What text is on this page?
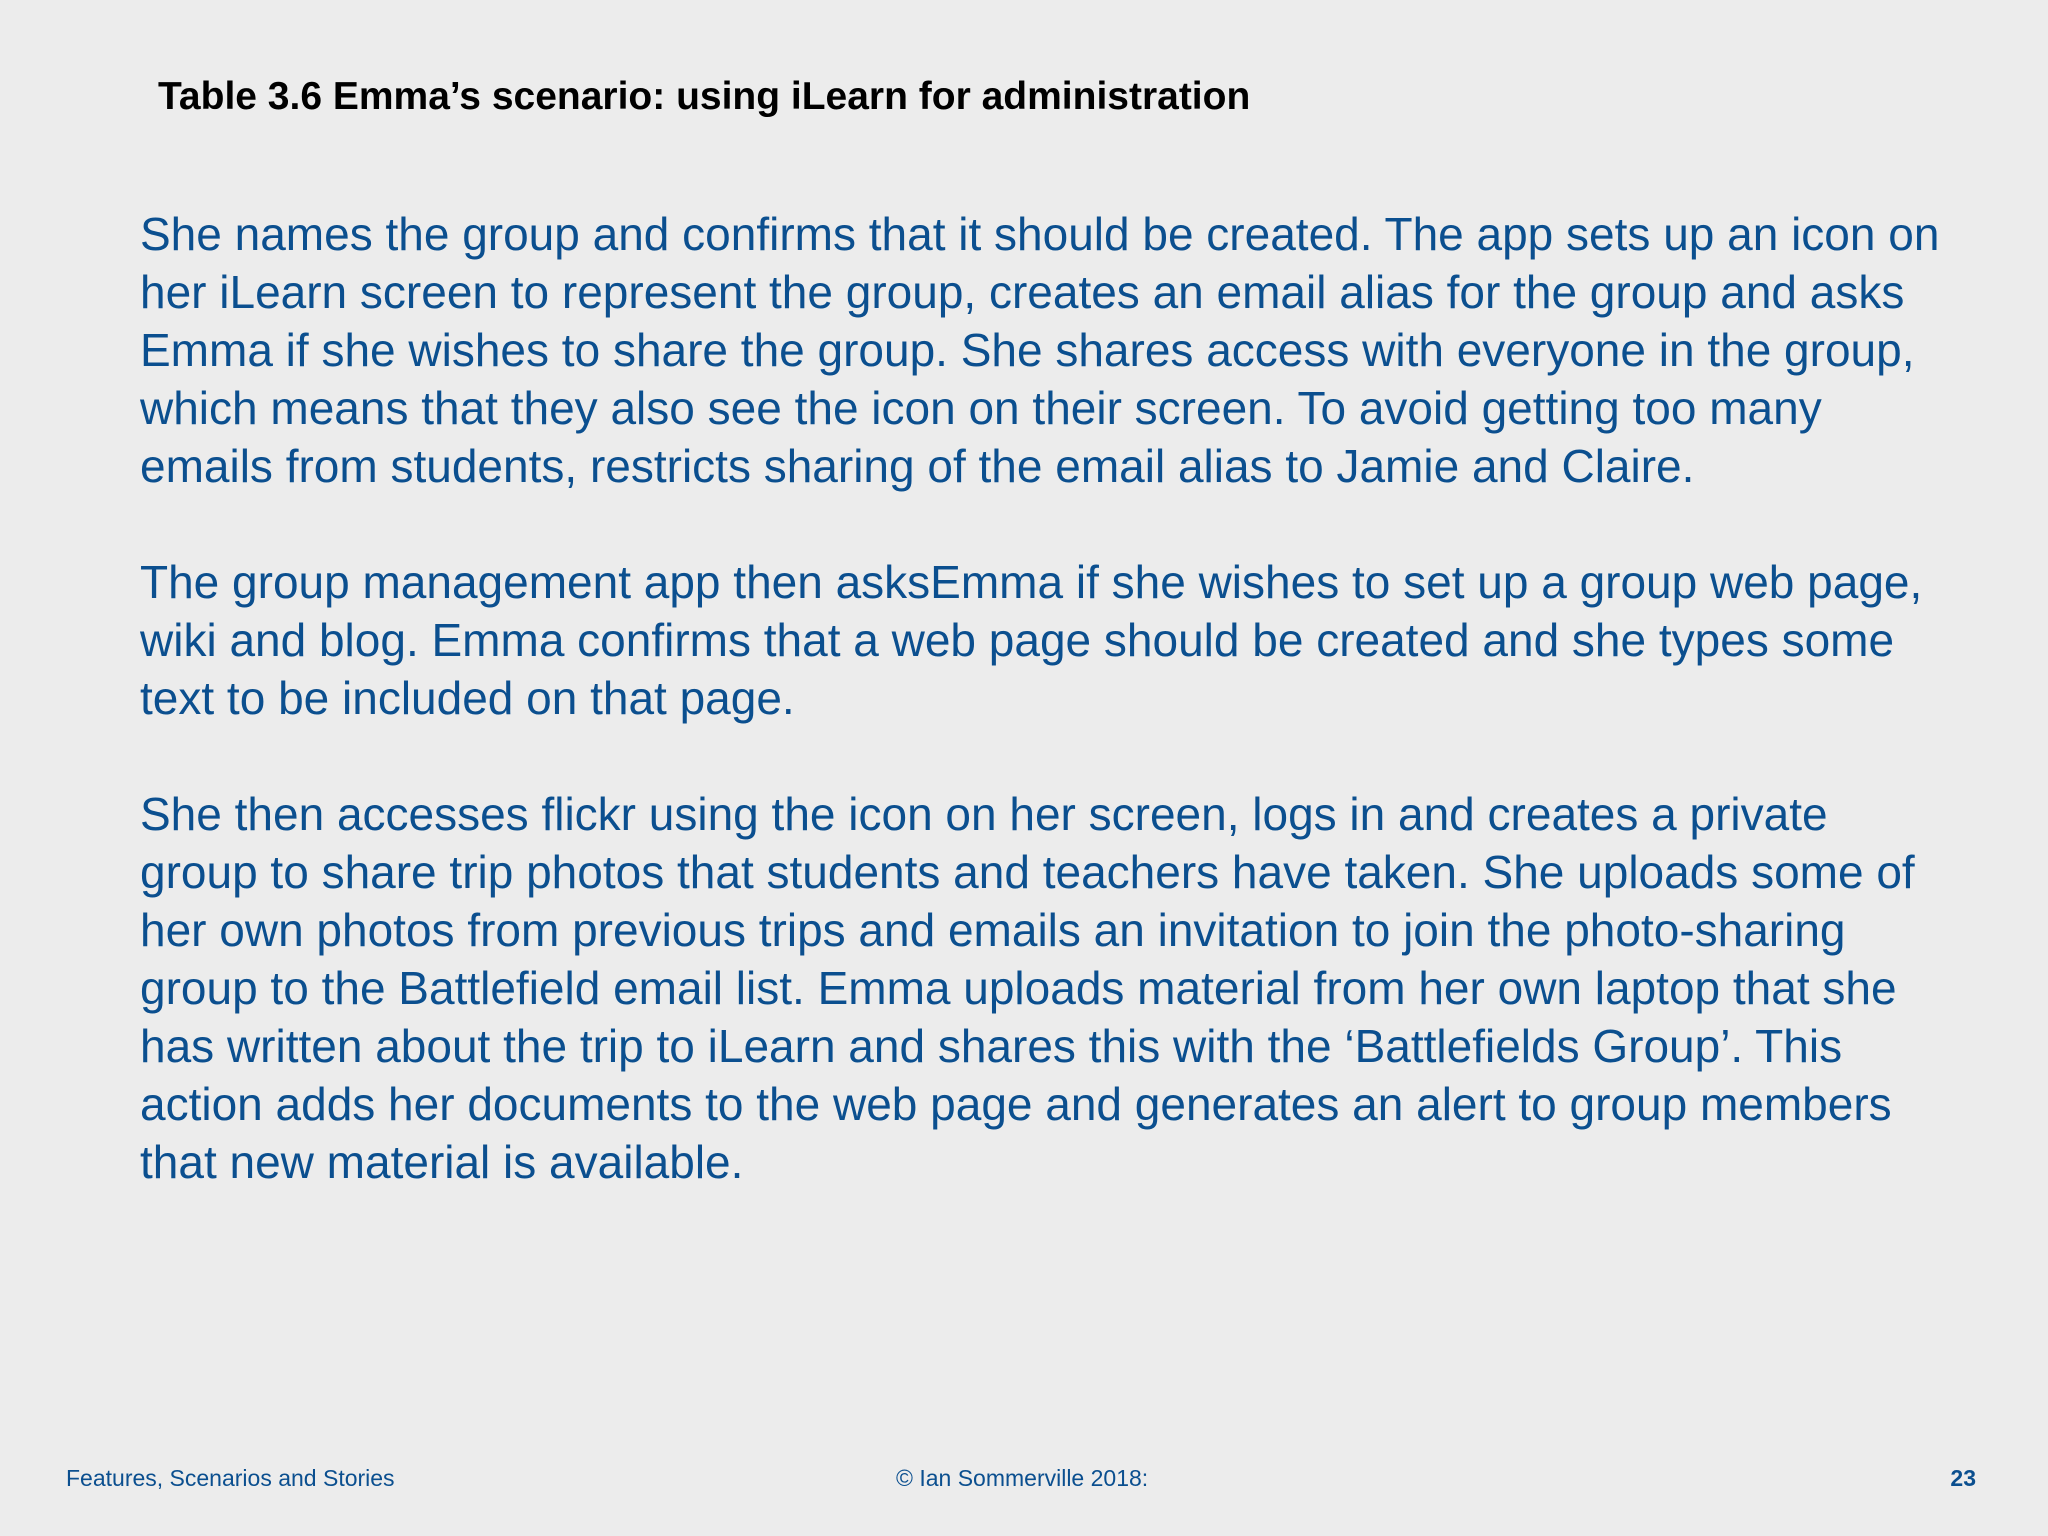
Table 3.6 Emma’s scenario: using iLearn for administration

She names the group and confirms that it should be created. The app sets up an icon on her iLearn screen to represent the group, creates an email alias for the group and asks Emma if she wishes to share the group. She shares access with everyone in the group, which means that they also see the icon on their screen. To avoid getting too many emails from students, restricts sharing of the email alias to Jamie and Claire.

The group management app then asksEmma if she wishes to set up a group web page, wiki and blog. Emma confirms that a web page should be created and she types some text to be included on that page.

She then accesses flickr using the icon on her screen, logs in and creates a private group to share trip photos that students and teachers have taken. She uploads some of her own photos from previous trips and emails an invitation to join the photo-sharing group to the Battlefield email list. Emma uploads material from her own laptop that she has written about the trip to iLearn and shares this with the ‘Battlefields Group’. This action adds her documents to the web page and generates an alert to group members that new material is available.

Features, Scenarios and Stories	© Ian Sommerville 2018:	23
